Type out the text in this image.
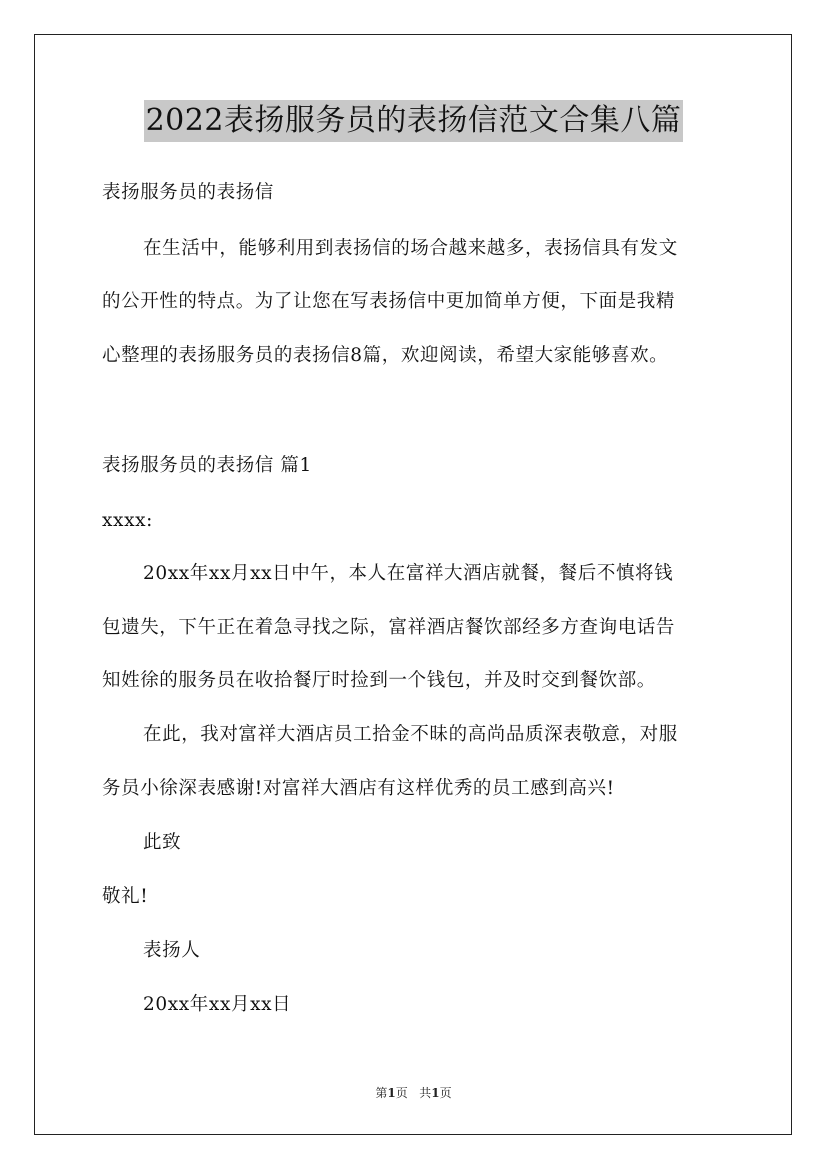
2022表扬服务员的表扬信范文合集八篇
表扬服务员的表扬信
在生活中，能够利用到表扬信的场合越来越多，表扬信具有发文
的公开性的特点。为了让您在写表扬信中更加简单方便，下面是我精
心整理的表扬服务员的表扬信8篇，欢迎阅读，希望大家能够喜欢。
表扬服务员的表扬信 篇1
xxxx:
20xx年xx月xx日中午，本人在富祥大酒店就餐，餐后不慎将钱
包遗失，下午正在着急寻找之际，富祥酒店餐饮部经多方查询电话告
知姓徐的服务员在收拾餐厅时捡到一个钱包，并及时交到餐饮部。
在此，我对富祥大酒店员工拾金不昧的高尚品质深表敬意，对服
务员小徐深表感谢!对富祥大酒店有这样优秀的员工感到高兴!
此致
敬礼!
表扬人
20xx年xx月xx日
第1页 共1页
